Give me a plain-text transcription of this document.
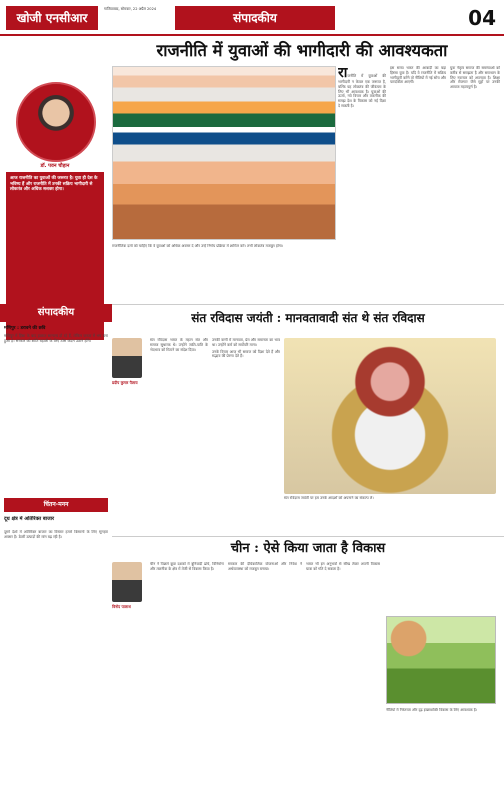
खोजी एनसीआर
गाजियाबाद, सोमवार, 22 अप्रैल 2024
संपादकीय	04
राजनीति में युवाओं की भागीदारी की आवश्यकता
डॉ. पवन चौहान
आज राजनीति का युवाओं की जरूरत है। युवा ही देश के भविष्य हैं और राजनीति में उनकी सक्रिय भागीदारी से लोकतंत्र और अधिक सशक्त होगा।

राजनीति में युवाओं की भागीदारी न केवल एक जरूरत है, बल्कि यह लोकतंत्र की जीवंतता के लिए भी आवश्यक है। युवाओं की ऊर्जा, नये विचार और तकनीक की समझ देश के विकास को नई दिशा दे सकती है।

इस समय भारत की आबादी का बड़ा हिस्सा युवा है। यदि वे राजनीति में सक्रिय भागीदारी करेंगे तो नीतियों में नई सोच और पारदर्शिता आएगी।

युवा नेतृत्व समाज की समस्याओं को करीब से समझता है और समाधान के लिए नवाचार को अपनाता है। शिक्षा और रोजगार जैसे मुद्दों पर उनकी आवाज महत्वपूर्ण है।

राजनीतिक दलों को चाहिए कि वे युवाओं को अधिक अवसर दें और उन्हें निर्णय प्रक्रिया में शामिल करें। तभी लोकतंत्र मजबूत होगा।

संपादकीय
मणिपुर : डरावने की छवि

मणिपुर में हिंसा के बाद हालात सामान्य हो रहे हैं, लेकिन जनता में भय बना हुआ है। सरकार को शांति बहाली के लिए ठोस कदम उठाने होंगे।

संत रविदास जयंती : मानवतावादी संत थे संत रविदास
प्रदीप कुमार पैलाय

संत रविदास भारत के महान संत और समाज सुधारक थे। उन्होंने जाति-पाति के भेदभाव को मिटाने का संदेश दिया।

उनकी वाणी में मानवता, प्रेम और समानता का भाव था। उन्होंने कर्म को सर्वोपरि माना।

उनके विचार आज भी समाज को दिशा देते हैं और सद्भाव की प्रेरणा देते हैं।

संत रविदास जयंती पर हम उनके आदर्शों को अपनाने का संकल्प लें।

चीन : ऐसे किया जाता है विकास
विनोद पालाश

चीन ने पिछले कुछ दशकों में बुनियादी ढांचे, विनिर्माण और तकनीक के क्षेत्र में तेजी से विकास किया है।

सरकार की दीर्घकालिक योजनाओं और निवेश ने अर्थव्यवस्था को मजबूत बनाया।

भारत भी इन अनुभवों से सीख लेकर अपनी विकास यात्रा को गति दे सकता है।

नीतियों में निरंतरता और दृढ़ इच्छाशक्ति विकास के लिए आवश्यक है।

चिंतन-मनन
दूध क्षेत्र में अतिरिक्त बाजार

दूसरे देशों में अतिरिक्त बाजार का विस्तार हमारे किसानों के लिए सुनहरा अवसर है। डेयरी उत्पादों की मांग बढ़ रही है।
